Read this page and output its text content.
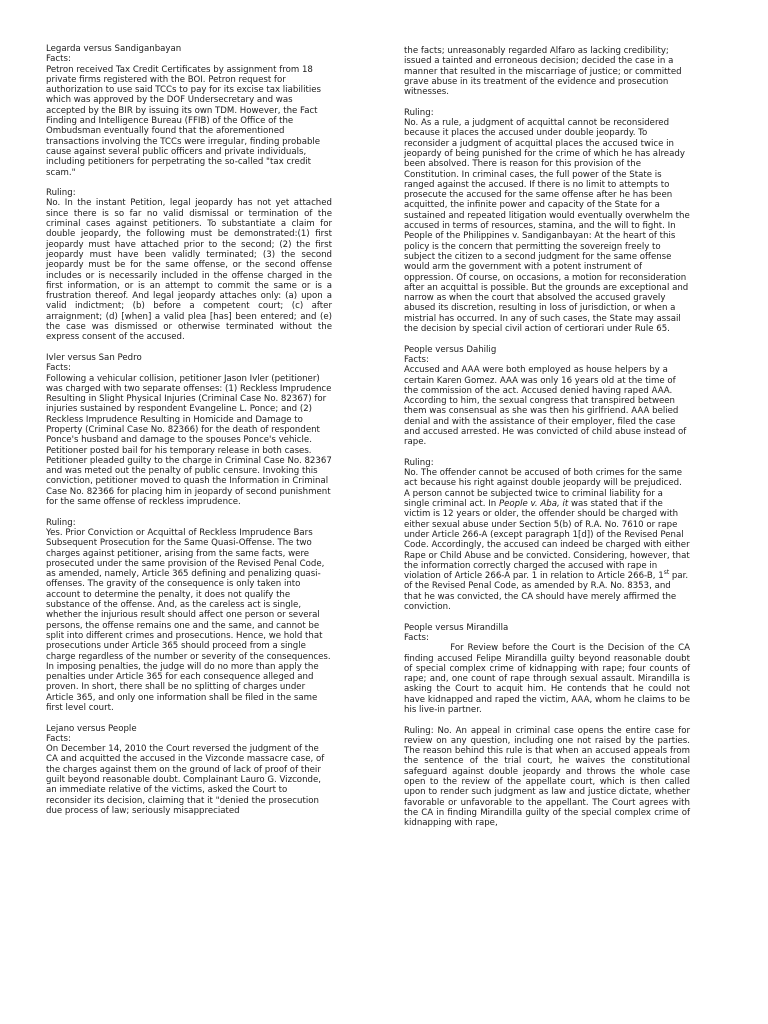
Legarda versus Sandiganbayan

Facts:

Petron received Tax Credit Certificates by assignment from 18 private firms registered with the BOI. Petron request for authorization to use said TCCs to pay for its excise tax liabilities which was approved by the DOF Undersecretary and was accepted by the BIR by issuing its own TDM. However, the Fact Finding and Intelligence Bureau (FFIB) of the Office of the Ombudsman eventually found that the aforementioned transactions involving the TCCs were irregular, finding probable cause against several public officers and private individuals, including petitioners for perpetrating the so-called "tax credit scam."

Ruling:

No. In the instant Petition, legal jeopardy has not yet attached since there is so far no valid dismissal or termination of the criminal cases against petitioners. To substantiate a claim for double jeopardy, the following must be demonstrated:(1) first jeopardy must have attached prior to the second; (2) the first jeopardy must have been validly terminated; (3) the second jeopardy must be for the same offense, or the second offense includes or is necessarily included in the offense charged in the first information, or is an attempt to commit the same or is a frustration thereof. And legal jeopardy attaches only: (a) upon a valid indictment; (b) before a competent court; (c) after arraignment; (d) [when] a valid plea [has] been entered; and (e) the case was dismissed or otherwise terminated without the express consent of the accused.

Ivler versus San Pedro

Facts:

Following a vehicular collision, petitioner Jason Ivler (petitioner) was charged with two separate offenses: (1) Reckless Imprudence Resulting in Slight Physical Injuries (Criminal Case No. 82367) for injuries sustained by respondent Evangeline L. Ponce; and (2) Reckless Imprudence Resulting in Homicide and Damage to Property (Criminal Case No. 82366) for the death of respondent Ponce's husband and damage to the spouses Ponce's vehicle. Petitioner posted bail for his temporary release in both cases. Petitioner pleaded guilty to the charge in Criminal Case No. 82367 and was meted out the penalty of public censure. Invoking this conviction, petitioner moved to quash the Information in Criminal Case No. 82366 for placing him in jeopardy of second punishment for the same offense of reckless imprudence.

Ruling:

Yes. Prior Conviction or Acquittal of Reckless Imprudence Bars Subsequent Prosecution for the Same Quasi-Offense. The two charges against petitioner, arising from the same facts, were prosecuted under the same provision of the Revised Penal Code, as amended, namely, Article 365 defining and penalizing quasi-offenses. The gravity of the consequence is only taken into account to determine the penalty, it does not qualify the substance of the offense. And, as the careless act is single, whether the injurious result should affect one person or several persons, the offense remains one and the same, and cannot be split into different crimes and prosecutions. Hence, we hold that prosecutions under Article 365 should proceed from a single charge regardless of the number or severity of the consequences. In imposing penalties, the judge will do no more than apply the penalties under Article 365 for each consequence alleged and proven. In short, there shall be no splitting of charges under Article 365, and only one information shall be filed in the same first level court.

Lejano versus People

Facts:

On December 14, 2010 the Court reversed the judgment of the CA and acquitted the accused in the Vizconde massacre case, of the charges against them on the ground of lack of proof of their guilt beyond reasonable doubt. Complainant Lauro G. Vizconde, an immediate relative of the victims, asked the Court to reconsider its decision, claiming that it "denied the prosecution due process of law; seriously misappreciated

the facts; unreasonably regarded Alfaro as lacking credibility; issued a tainted and erroneous decision; decided the case in a manner that resulted in the miscarriage of justice; or committed grave abuse in its treatment of the evidence and prosecution witnesses.

Ruling:

No. As a rule, a judgment of acquittal cannot be reconsidered because it places the accused under double jeopardy. To reconsider a judgment of acquittal places the accused twice in jeopardy of being punished for the crime of which he has already been absolved. There is reason for this provision of the Constitution. In criminal cases, the full power of the State is ranged against the accused. If there is no limit to attempts to prosecute the accused for the same offense after he has been acquitted, the infinite power and capacity of the State for a sustained and repeated litigation would eventually overwhelm the accused in terms of resources, stamina, and the will to fight. In People of the Philippines v. Sandiganbayan: At the heart of this policy is the concern that permitting the sovereign freely to subject the citizen to a second judgment for the same offense would arm the government with a potent instrument of oppression. Of course, on occasions, a motion for reconsideration after an acquittal is possible. But the grounds are exceptional and narrow as when the court that absolved the accused gravely abused its discretion, resulting in loss of jurisdiction, or when a mistrial has occurred. In any of such cases, the State may assail the decision by special civil action of certiorari under Rule 65.

People versus Dahilig

Facts:

Accused and AAA were both employed as house helpers by a certain Karen Gomez. AAA was only 16 years old at the time of the commission of the act. Accused denied having raped AAA. According to him, the sexual congress that transpired between them was consensual as she was then his girlfriend. AAA belied denial and with the assistance of their employer, filed the case and accused arrested. He was convicted of child abuse instead of rape.

Ruling:

No. The offender cannot be accused of both crimes for the same act because his right against double jeopardy will be prejudiced. A person cannot be subjected twice to criminal liability for a single criminal act. In People v. Aba, it was stated that if the victim is 12 years or older, the offender should be charged with either sexual abuse under Section 5(b) of R.A. No. 7610 or rape under Article 266-A (except paragraph 1[d]) of the Revised Penal Code. Accordingly, the accused can indeed be charged with either Rape or Child Abuse and be convicted. Considering, however, that the information correctly charged the accused with rape in violation of Article 266-A par. 1 in relation to Article 266-B, 1st par. of the Revised Penal Code, as amended by R.A. No. 8353, and that he was convicted, the CA should have merely affirmed the conviction.

People versus Mirandilla

Facts:

For Review before the Court is the Decision of the CA finding accused Felipe Mirandilla guilty beyond reasonable doubt of special complex crime of kidnapping with rape; four counts of rape; and, one count of rape through sexual assault. Mirandilla is asking the Court to acquit him. He contends that he could not have kidnapped and raped the victim, AAA, whom he claims to be his live-in partner.

Ruling: No. An appeal in criminal case opens the entire case for review on any question, including one not raised by the parties. The reason behind this rule is that when an accused appeals from the sentence of the trial court, he waives the constitutional safeguard against double jeopardy and throws the whole case open to the review of the appellate court, which is then called upon to render such judgment as law and justice dictate, whether favorable or unfavorable to the appellant. The Court agrees with the CA in finding Mirandilla guilty of the special complex crime of kidnapping with rape,
